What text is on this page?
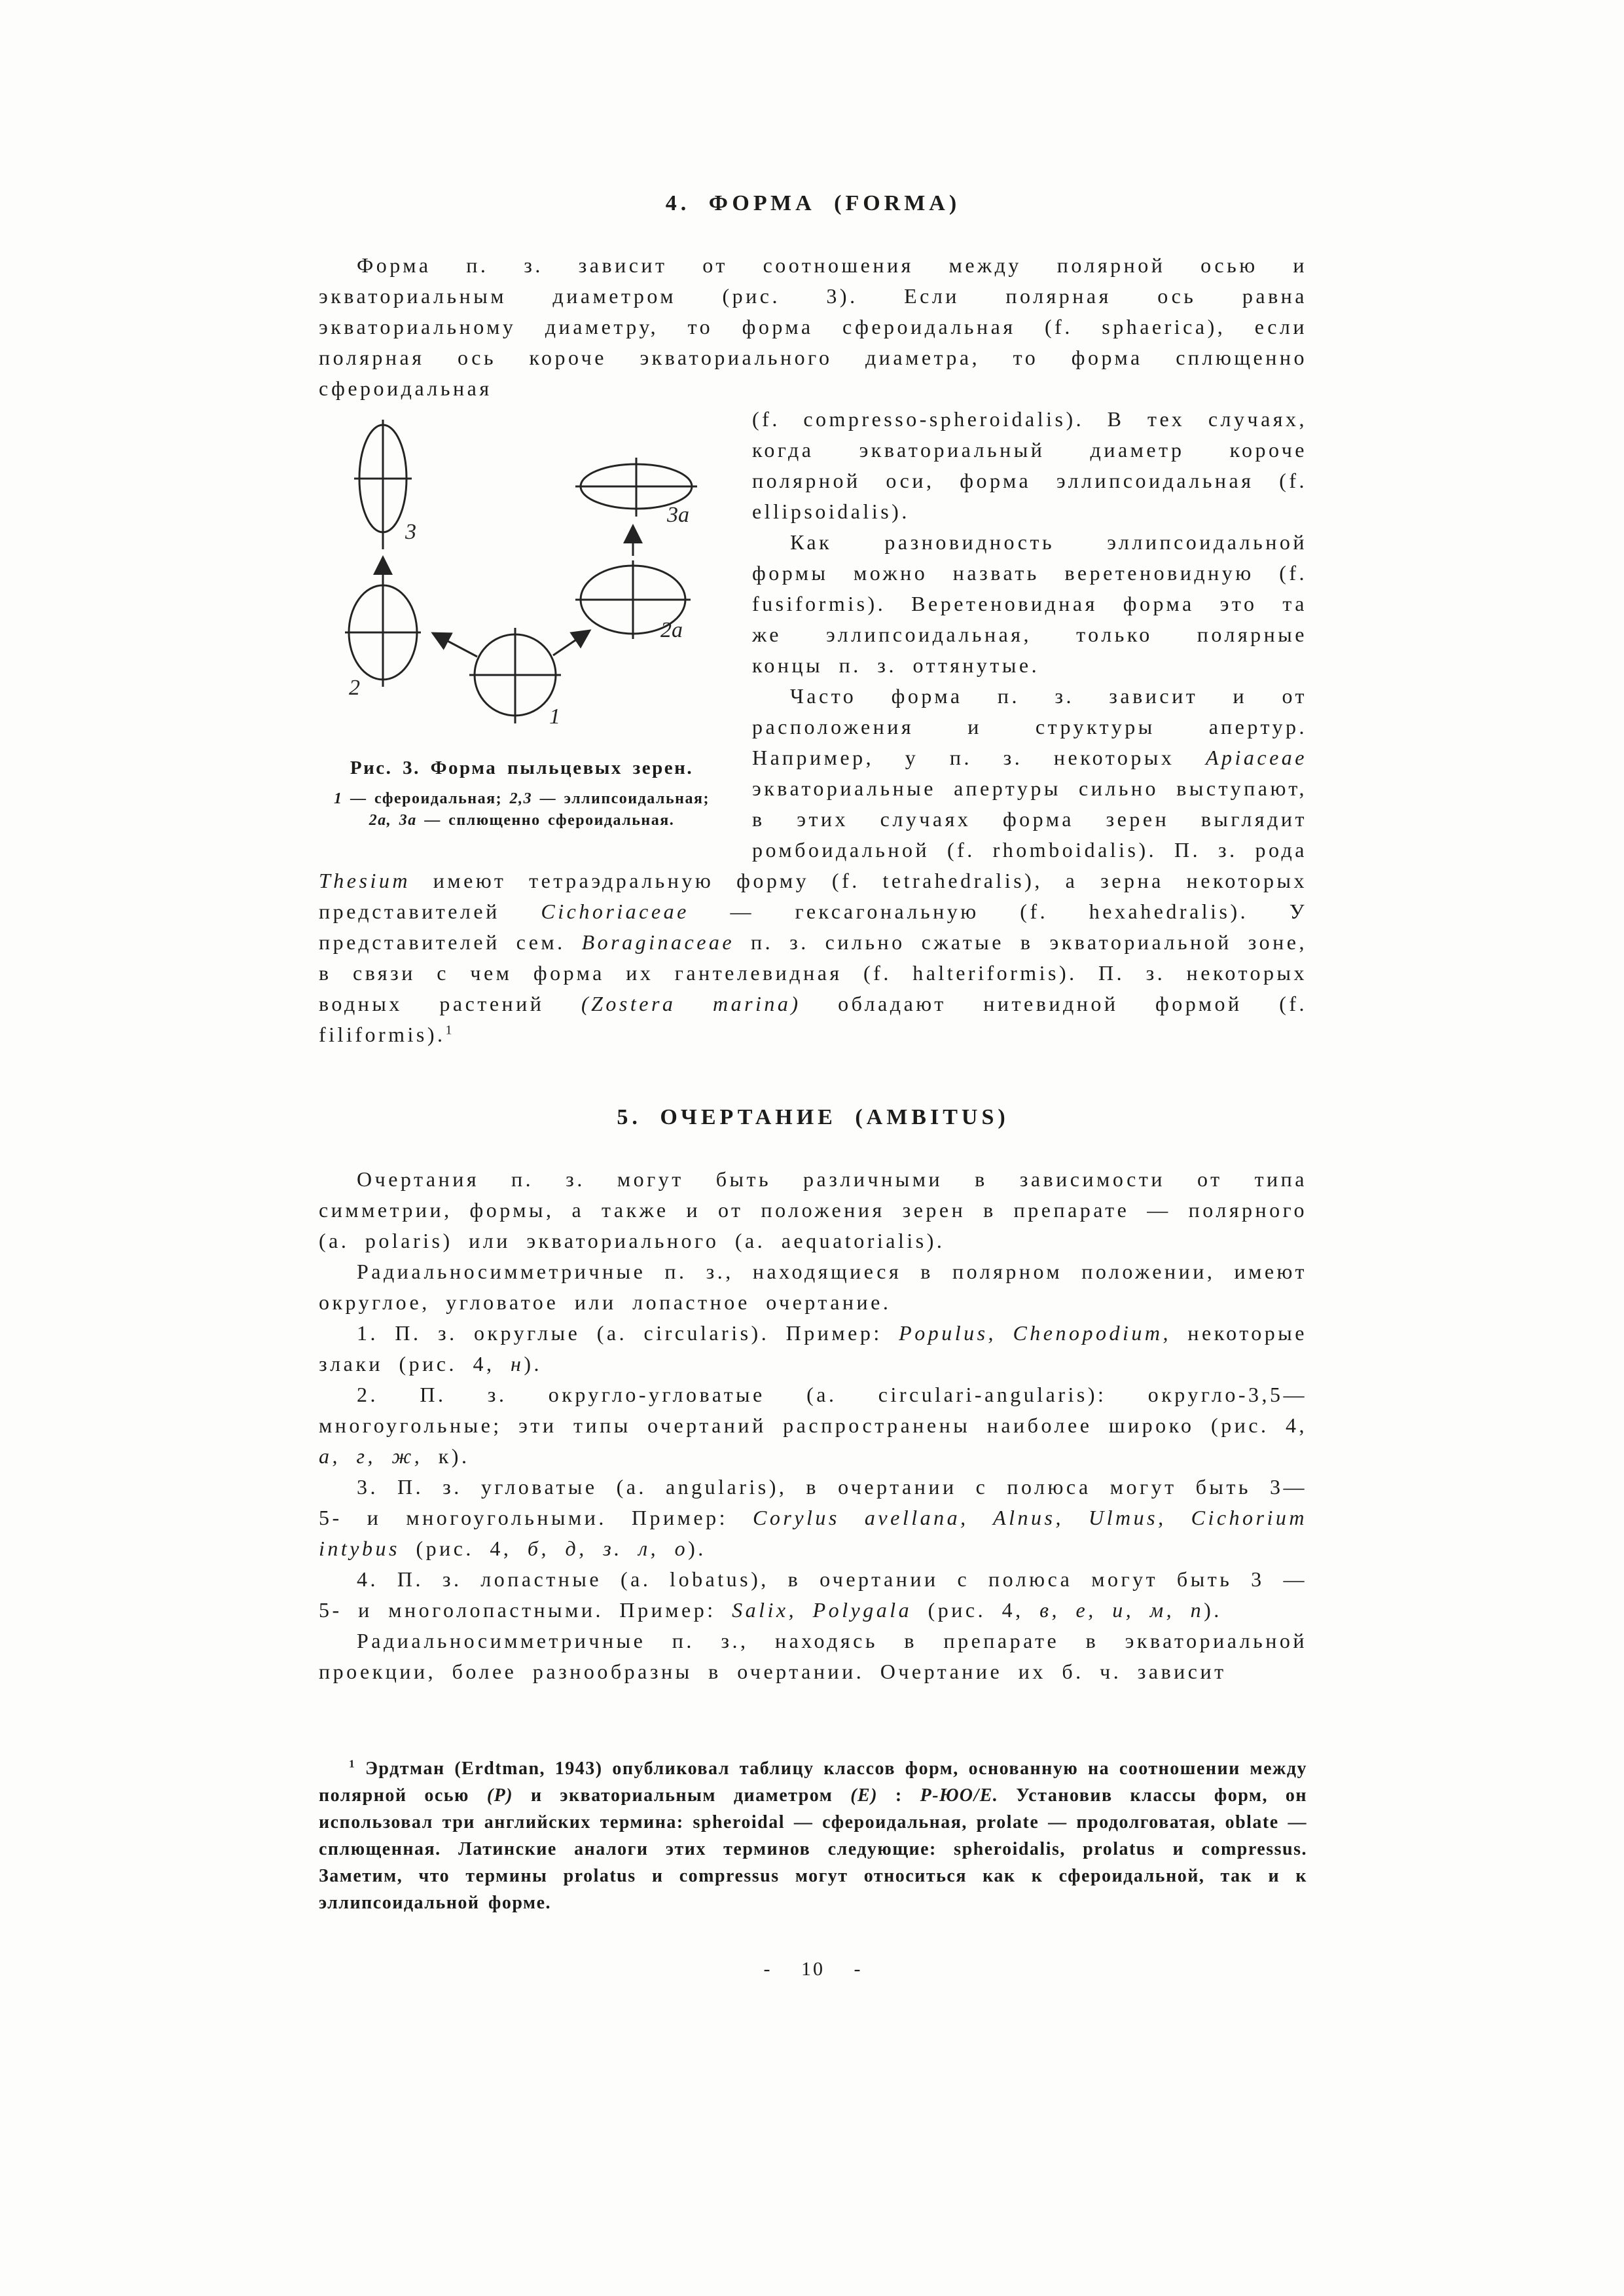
4. ФОРМА (FORMA)

Форма п. з. зависит от соотношения между полярной осью и экваториальным диаметром (рис. 3). Если полярная ось равна экваториальному диаметру, то форма сфероидальная (f. sphaerica), если полярная ось короче экваториального диаметра, то форма сплющенно сфероидальная

3
2
1
2а
3а
Рис. 3. Форма пыльцевых зерен.
1 — сфероидальная; 2,3 — эллипсоидальная; 2а, 3а — сплющенно сфероидальная.

(f. compresso-spheroidalis). В тех случаях, когда экваториальный диаметр короче полярной оси, форма эллипсоидальная (f. ellipsoidalis).

Как разновидность эллипсоидальной формы можно назвать веретеновидную (f. fusiformis). Веретеновидная форма это та же эллипсоидальная, только полярные концы п. з. оттянутые.

Часто форма п. з. зависит и от расположения и структуры апертур. Например, у п. з. некоторых Apiaceae экваториальные апертуры сильно выступают, в этих случаях форма зерен выглядит ромбоидальной (f. rhomboidalis). П. з. рода Thesium имеют тетраэдральную форму (f. tetrahedralis), а зерна некоторых представителей Cichoriaceae — гексагональную (f. hexahedralis). У представителей сем. Boraginaceae п. з. сильно сжатые в экваториальной зоне, в связи с чем форма их гантелевидная (f. halteriformis). П. з. некоторых водных растений (Zostera marina) обладают нитевидной формой (f. filiformis).$^1$

5. ОЧЕРТАНИЕ (AMBITUS)

Очертания п. з. могут быть различными в зависимости от типа симметрии, формы, а также и от положения зерен в препарате — полярного (a. polaris) или экваториального (a. aequatorialis).

Радиальносимметричные п. з., находящиеся в полярном положении, имеют округлое, угловатое или лопастное очертание.

1. П. з. округлые (a. circularis). Пример: Populus, Chenopodium, некоторые злаки (рис. 4, н).

2. П. з. округло-угловатые (a. circulari-angularis): округло-3,5—многоугольные; эти типы очертаний распространены наиболее широко (рис. 4, а, г, ж, к).

3. П. з. угловатые (a. angularis), в очертании с полюса могут быть 3— 5- и многоугольными. Пример: Corylus avellana, Alnus, Ulmus, Cichorium intybus (рис. 4, б, д, з. л, о).

4. П. з. лопастные (a. lobatus), в очертании с полюса могут быть 3 — 5- и многолопастными. Пример: Salix, Polygala (рис. 4, в, е, и, м, п).

Радиальносимметричные п. з., находясь в препарате в экваториальной проекции, более разнообразны в очертании. Очертание их б. ч. зависит

$^1$ Эрдтман (Erdtman, 1943) опубликовал таблицу классов форм, основанную на соотношении между полярной осью (Р) и экваториальным диаметром (Е) : Р-ЮО/Е. Установив классы форм, он использовал три английских термина: spheroidal — сфероидальная, prolate — продолговатая, oblate — сплющенная. Латинские аналоги этих терминов следующие: spheroidalis, prolatus и compressus. Заметим, что термины prolatus и compressus могут относиться как к сфероидальной, так и к эллипсоидальной форме.
- 10 -
